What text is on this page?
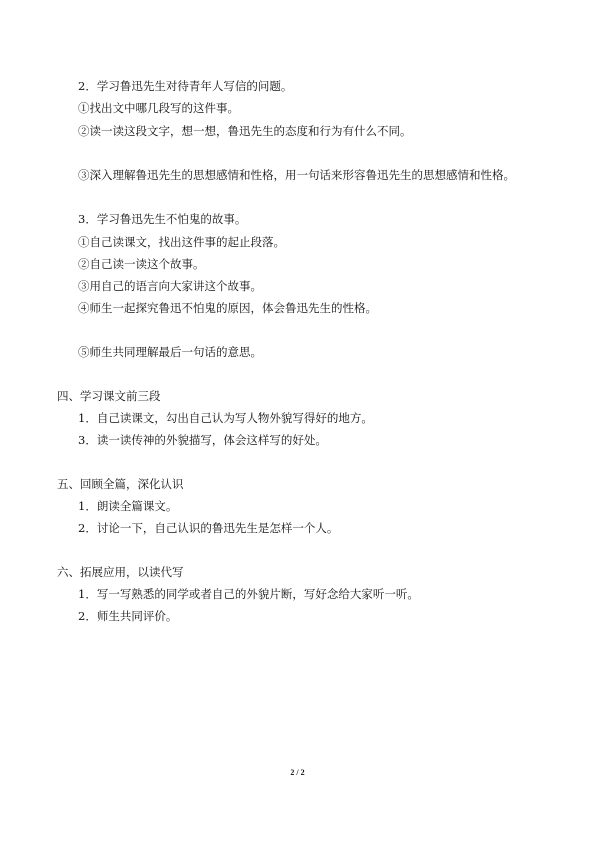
2．学习鲁迅先生对待青年人写信的问题。
①找出文中哪几段写的这件事。
②读一读这段文字，想一想，鲁迅先生的态度和行为有什么不同。
③深入理解鲁迅先生的思想感情和性格，用一句话来形容鲁迅先生的思想感情和性格。
3．学习鲁迅先生不怕鬼的故事。
①自己读课文，找出这件事的起止段落。
②自己读一读这个故事。
③用自己的语言向大家讲这个故事。
④师生一起探究鲁迅不怕鬼的原因，体会鲁迅先生的性格。
⑤师生共同理解最后一句话的意思。
四、学习课文前三段
1．自己读课文，勾出自己认为写人物外貌写得好的地方。
3．读一读传神的外貌描写，体会这样写的好处。
五、回顾全篇，深化认识
1．朗读全篇课文。
2．讨论一下，自己认识的鲁迅先生是怎样一个人。
六、拓展应用，以读代写
1．写一写熟悉的同学或者自己的外貌片断，写好念给大家听一听。
2．师生共同评价。
2 / 2
